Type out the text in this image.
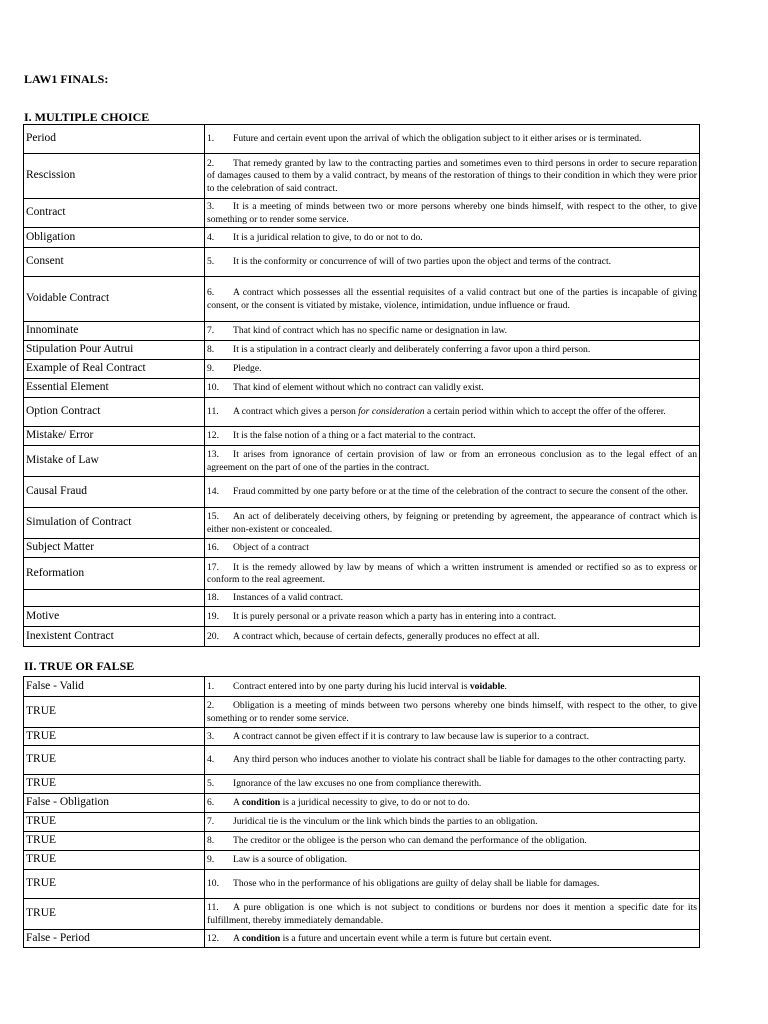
LAW1 FINALS:
I. MULTIPLE CHOICE
Period	1. Future and certain event upon the arrival of which the obligation subject to it either arises or is terminated.
Rescission	2. That remedy granted by law to the contracting parties and sometimes even to third persons in order to secure reparation of damages caused to them by a valid contract, by means of the restoration of things to their condition in which they were prior to the celebration of said contract.
Contract	3. It is a meeting of minds between two or more persons whereby one binds himself, with respect to the other, to give something or to render some service.
Obligation	4. It is a juridical relation to give, to do or not to do.
Consent	5. It is the conformity or concurrence of will of two parties upon the object and terms of the contract.
Voidable Contract	6. A contract which possesses all the essential requisites of a valid contract but one of the parties is incapable of giving consent, or the consent is vitiated by mistake, violence, intimidation, undue influence or fraud.
Innominate	7. That kind of contract which has no specific name or designation in law.
Stipulation Pour Autrui	8. It is a stipulation in a contract clearly and deliberately conferring a favor upon a third person.
Example of Real Contract	9. Pledge.
Essential Element	10. That kind of element without which no contract can validly exist.
Option Contract	11. A contract which gives a person for consideration a certain period within which to accept the offer of the offerer.
Mistake/ Error	12. It is the false notion of a thing or a fact material to the contract.
Mistake of Law	13. It arises from ignorance of certain provision of law or from an erroneous conclusion as to the legal effect of an agreement on the part of one of the parties in the contract.
Causal Fraud	14. Fraud committed by one party before or at the time of the celebration of the contract to secure the consent of the other.
Simulation of Contract	15. An act of deliberately deceiving others, by feigning or pretending by agreement, the appearance of contract which is either non-existent or concealed.
Subject Matter	16. Object of a contract
Reformation	17. It is the remedy allowed by law by means of which a written instrument is amended or rectified so as to express or conform to the real agreement.
	18. Instances of a valid contract.
Motive	19. It is purely personal or a private reason which a party has in entering into a contract.
Inexistent Contract	20. A contract which, because of certain defects, generally produces no effect at all.
II. TRUE OR FALSE
False - Valid	1. Contract entered into by one party during his lucid interval is voidable.
TRUE	2. Obligation is a meeting of minds between two persons whereby one binds himself, with respect to the other, to give something or to render some service.
TRUE	3. A contract cannot be given effect if it is contrary to law because law is superior to a contract.
TRUE	4. Any third person who induces another to violate his contract shall be liable for damages to the other contracting party.
TRUE	5. Ignorance of the law excuses no one from compliance therewith.
False - Obligation	6. A condition is a juridical necessity to give, to do or not to do.
TRUE	7. Juridical tie is the vinculum or the link which binds the parties to an obligation.
TRUE	8. The creditor or the obligee is the person who can demand the performance of the obligation.
TRUE	9. Law is a source of obligation.
TRUE	10. Those who in the performance of his obligations are guilty of delay shall be liable for damages.
TRUE	11. A pure obligation is one which is not subject to conditions or burdens nor does it mention a specific date for its fulfillment, thereby immediately demandable.
False - Period	12. A condition is a future and uncertain event while a term is future but certain event.
